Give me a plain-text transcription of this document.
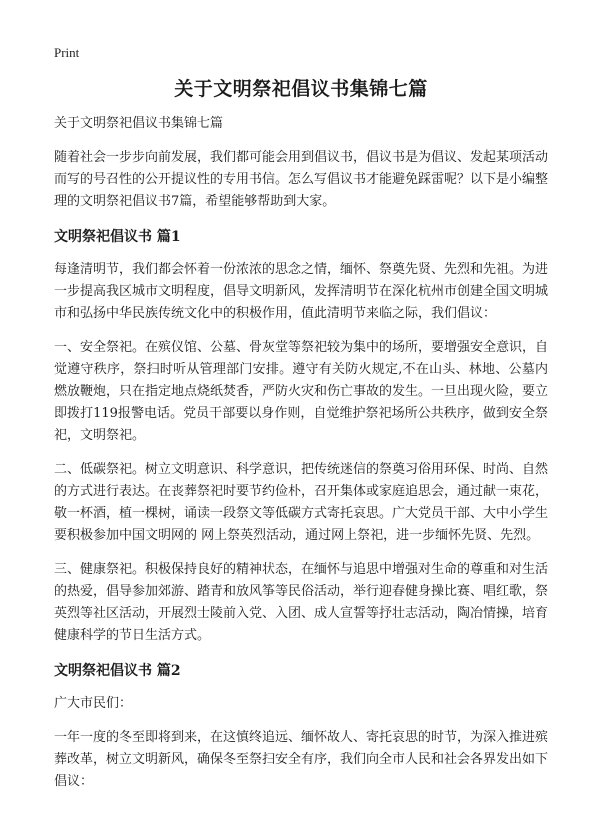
Print
关于文明祭祀倡议书集锦七篇
关于文明祭祀倡议书集锦七篇

随着社会一步步向前发展，我们都可能会用到倡议书，倡议书是为倡议、发起某项活动而写的号召性的公开提议性的专用书信。怎么写倡议书才能避免踩雷呢？以下是小编整理的文明祭祀倡议书7篇，希望能够帮助到大家。

文明祭祀倡议书 篇1

每逢清明节，我们都会怀着一份浓浓的思念之情，缅怀、祭奠先贤、先烈和先祖。为进一步提高我区城市文明程度，倡导文明新风，发挥清明节在深化杭州市创建全国文明城市和弘扬中华民族传统文化中的积极作用，值此清明节来临之际，我们倡议：

一、安全祭祀。在殡仪馆、公墓、骨灰堂等祭祀较为集中的场所，要增强安全意识，自觉遵守秩序，祭扫时听从管理部门安排。遵守有关防火规定,不在山头、林地、公墓内燃放鞭炮，只在指定地点烧纸焚香，严防火灾和伤亡事故的发生。一旦出现火险，要立即拨打119报警电话。党员干部要以身作则，自觉维护祭祀场所公共秩序，做到安全祭祀，文明祭祀。

二、低碳祭祀。树立文明意识、科学意识，把传统迷信的祭奠习俗用环保、时尚、自然的方式进行表达。在丧葬祭祀时要节约俭朴，召开集体或家庭追思会，通过献一束花，敬一杯酒，植一棵树，诵读一段祭文等低碳方式寄托哀思。广大党员干部、大中小学生要积极参加中国文明网的 网上祭英烈活动，通过网上祭祀，进一步缅怀先贤、先烈。

三、健康祭祀。积极保持良好的精神状态，在缅怀与追思中增强对生命的尊重和对生活的热爱，倡导参加郊游、踏青和放风筝等民俗活动，举行迎春健身操比赛、唱红歌，祭英烈等社区活动，开展烈士陵前入党、入团、成人宣誓等抒壮志活动，陶冶情操，培育健康科学的节日生活方式。

文明祭祀倡议书 篇2

广大市民们：

一年一度的冬至即将到来，在这慎终追远、缅怀故人、寄托哀思的时节，为深入推进殡葬改革，树立文明新风，确保冬至祭扫安全有序，我们向全市人民和社会各界发出如下倡议：
